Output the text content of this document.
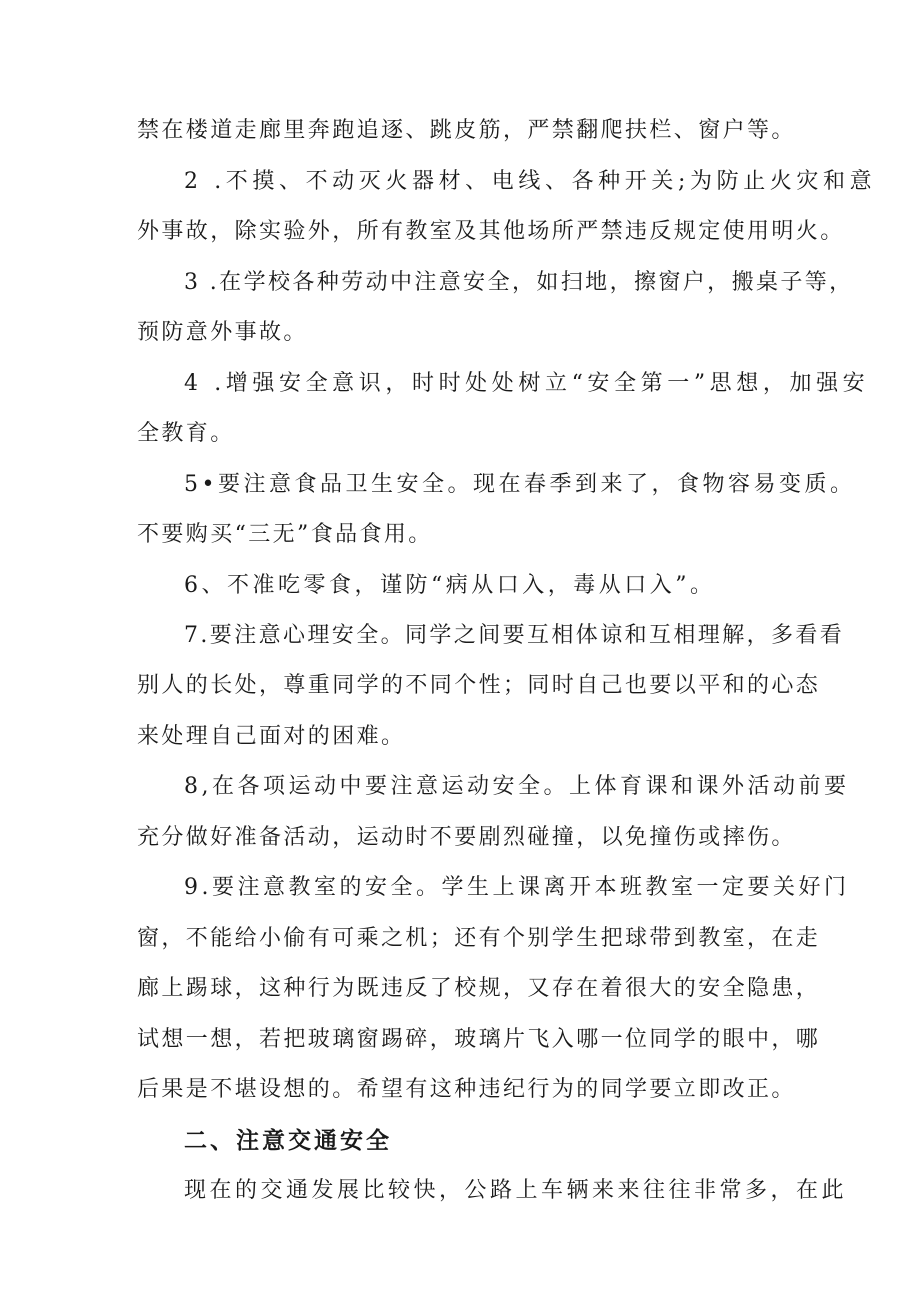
禁在楼道走廊里奔跑追逐、跳皮筋，严禁翻爬扶栏、窗户等。
2 .不摸、不动灭火器材、电线、各种开关;为防止火灾和意
外事故，除实验外，所有教室及其他场所严禁违反规定使用明火。
3 .在学校各种劳动中注意安全，如扫地，擦窗户，搬桌子等，
预防意外事故。
4 .增强安全意识，时时处处树立“安全第一”思想，加强安
全教育。
5•要注意食品卫生安全。现在春季到来了，食物容易变质。
不要购买“三无”食品食用。
6、不准吃零食，谨防“病从口入，毒从口入”。
7.要注意心理安全。同学之间要互相体谅和互相理解，多看看
别人的长处，尊重同学的不同个性；同时自己也要以平和的心态
来处理自己面对的困难。
8,在各项运动中要注意运动安全。上体育课和课外活动前要
充分做好准备活动，运动时不要剧烈碰撞，以免撞伤或摔伤。
9.要注意教室的安全。学生上课离开本班教室一定要关好门
窗，不能给小偷有可乘之机；还有个别学生把球带到教室，在走
廊上踢球，这种行为既违反了校规，又存在着很大的安全隐患，
试想一想，若把玻璃窗踢碎，玻璃片飞入哪一位同学的眼中，哪
后果是不堪设想的。希望有这种违纪行为的同学要立即改正。
二、注意交通安全
现在的交通发展比较快，公路上车辆来来往往非常多，在此
